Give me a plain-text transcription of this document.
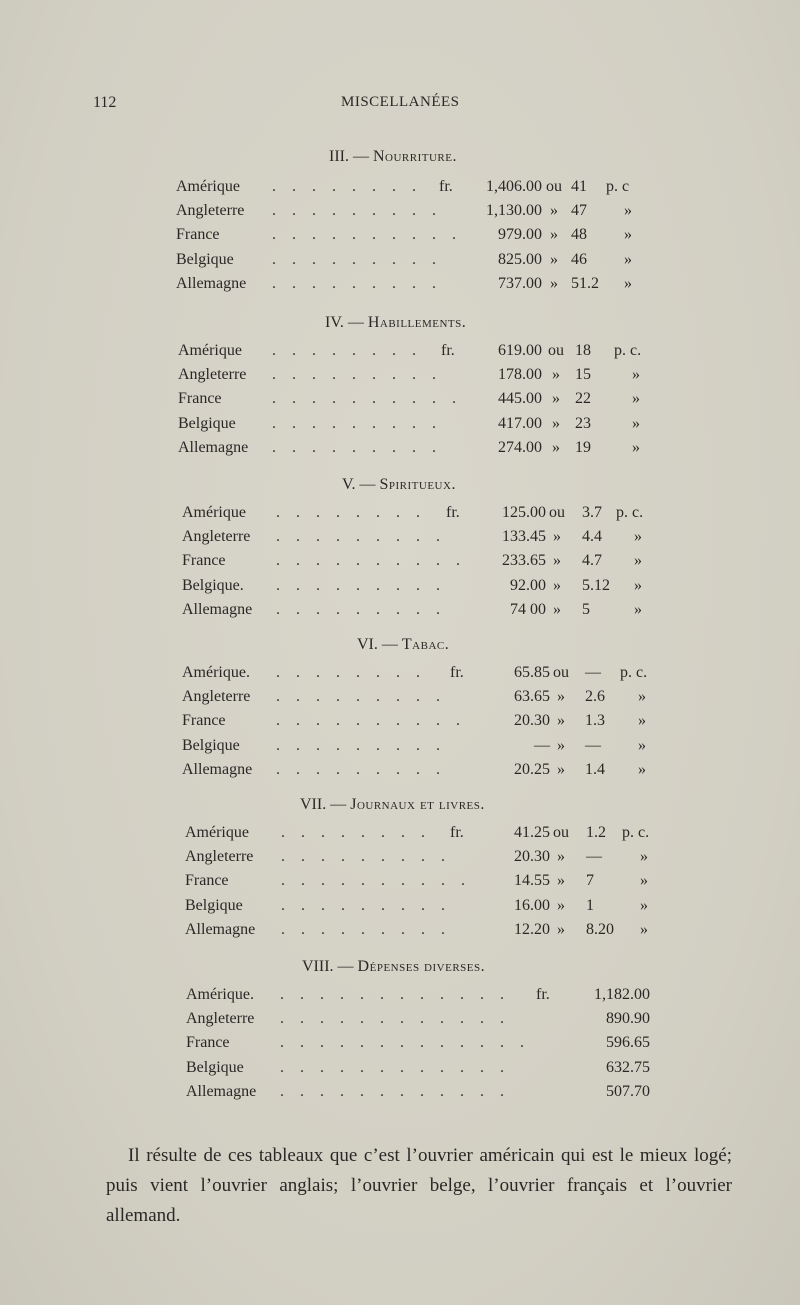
112	MISCELLANÉES
III. — Nourriture.
Amérique . . . . . . . . fr. 1,406.00 ou 41 p. c
Angleterre . . . . . . . . .	1,130.00 » 47 »
France	. . . . . . . . . . 979.00 » 48 »
Belgique . . . . . . . . .	825.00 » 46 »
Allemagne . . . . . . . . .	737.00 » 51.2 »
IV. — Habillements.
Amérique . . . . . . . . fr.	619.00 ou 18 p. c.
Angleterre . . . . . . . . .	178.00 » 15	»
France	. . . . . . . . . . 445.00 » 22	»
Belgique . . . . . . . . .	417.00 » 23	»
Allemagne . . . . . . . . .	274.00 » 19	»
V. — Spiritueux.
Amérique . . . . . . . . fr.	125.00 ou 3.7 p. c.
Angleterre . . . . . . . . .	133.45 » 4.4 »
France	. . . . . . . . . . 233.65 » 4.7 »
Belgique. . . . . . . . . .	92.00 » 5.12 »
Allemagne . . . . . . . . .	74 00 » 5	»
VI. — Tabac.
Amérique. . . . . . . . . fr.	65.85 ou — p. c.
Angleterre . . . . . . . . .	63.65 » 2.6 »
France	. . . . . . . . . .	20.30 » 1.3 »
Belgique . . . . . . . . .	— » — »
Allemagne . . . . . . . . .	20.25 » 1.4 »
VII. — Journaux et livres.
Amérique . . . . . . . . fr.	41.25 ou 1.2 p. c.
Angleterre . . . . . . . . .	20.30 » — »
France	. . . . . . . . . .	14.55 » 7	»
Belgique . . . . . . . . .	16.00 » 1	»
Allemagne . . . . . . . . .	12.20 » 8.20 »
VIII. — Dépenses diverses.
Amérique. . . . . . . . . . . . . fr.	1,182.00
Angleterre . . . . . . . . . . . .	890.90
France	. . . . . . . . . . . . .	596.65
Belgique . . . . . . . . . . . .	632.75
Allemagne . . . . . . . . . . . .	507.70

Il résulte de ces tableaux que c’est l’ouvrier américain qui est le mieux logé; puis vient l’ouvrier anglais; l’ouvrier belge, l’ouvrier français et l’ouvrier allemand.
